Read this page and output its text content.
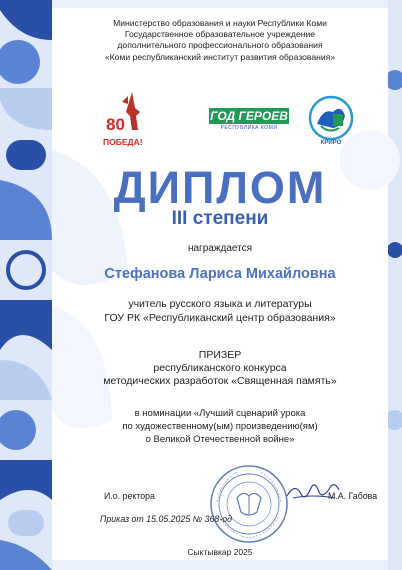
Министерство образования и науки Республики Коми
Государственное образовательное учреждение
дополнительного профессионального образования
«Коми республиканский институт развития образования»
80
ПОБЕДА!
ГОД ГЕРОЕВ
РЕСПУБЛИКА КОМИ
КРИРО
ДИПЛОМ
III степени
награждается
Стефанова Лариса Михайловна
учитель русского языка и литературы
ГОУ РК «Республиканский центр образования»
ПРИЗЕР
республиканского конкурса
методических разработок «Священная память»
в номинации «Лучший сценарий урока
по художественному(ым) произведению(ям)
о Великой Отечественной войне»
И.о. ректора	М.А. Габова
Приказ от 15.05.2025 № 368-од
Сыктывкар 2025
